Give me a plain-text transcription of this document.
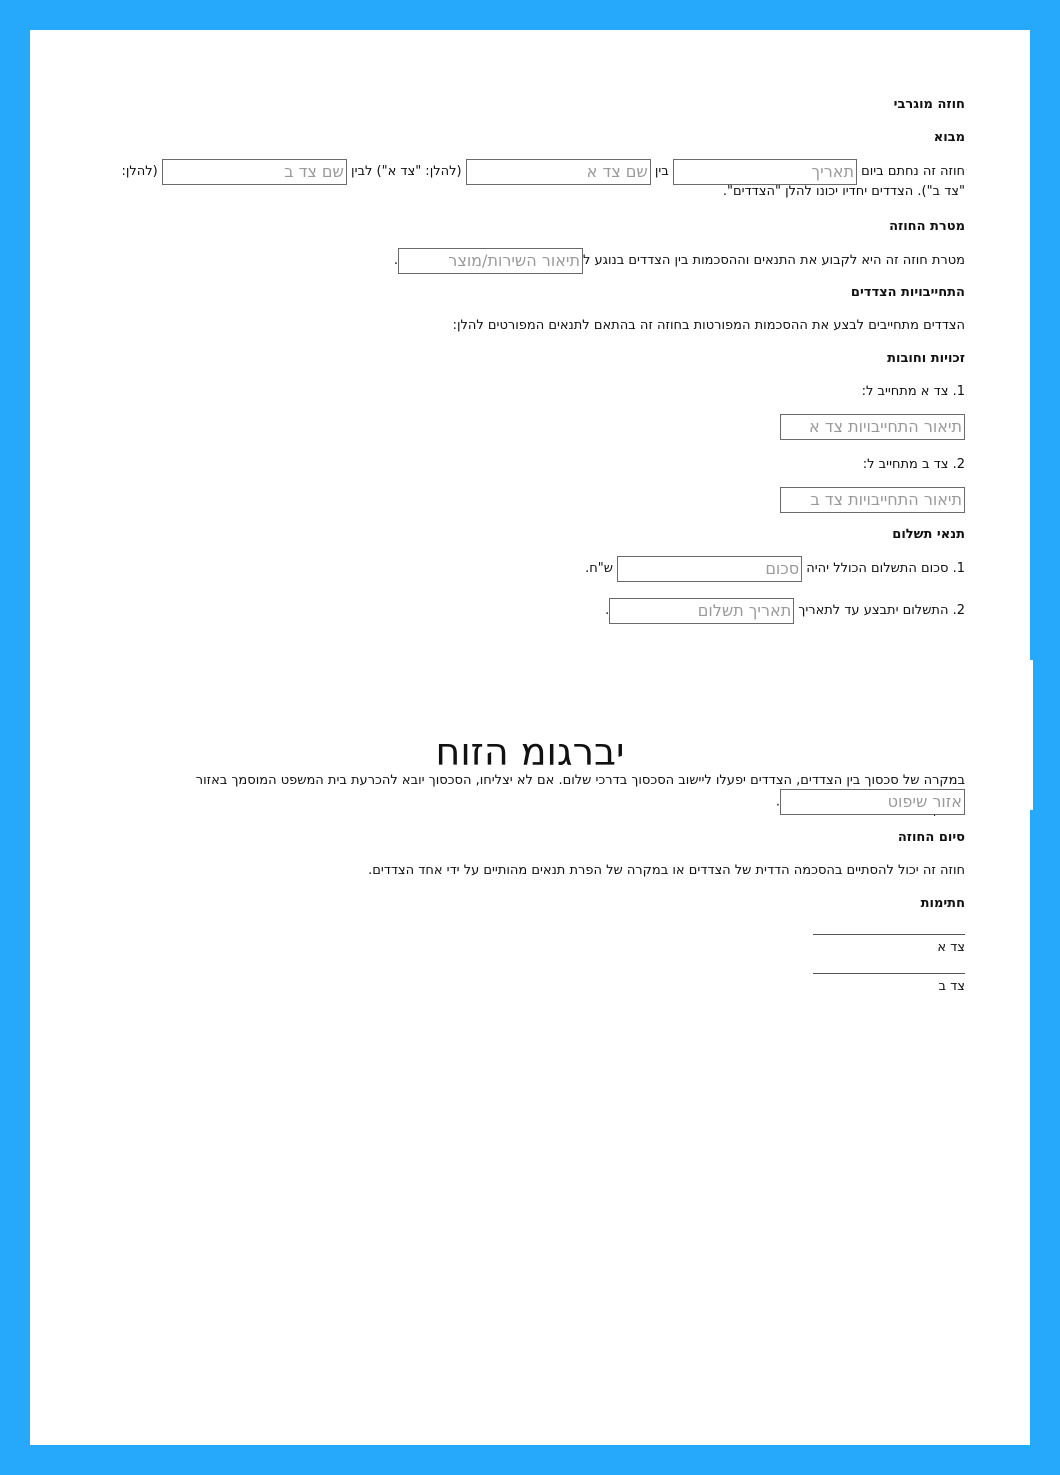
חוזה מוגרבי
מבוא
חוזה זה נחתם ביום תאריך בין שם צד א (להלן: "צד א") לבין שם צד ב (להלן:
"צד ב"). הצדדים יחדיו יכונו להלן "הצדדים".
מטרת החוזה
מטרת חוזה זה היא לקבוע את התנאים וההסכמות בין הצדדים בנוגע לתיאור השירות/מוצר.
התחייבויות הצדדים
הצדדים מתחייבים לבצע את ההסכמות המפורטות בחוזה זה בהתאם לתנאים המפורטים להלן:
זכויות וחובות
1. צד א מתחייב ל:
תיאור התחייבויות צד א
2. צד ב מתחייב ל:
תיאור התחייבויות צד ב
תנאי תשלום
1. סכום התשלום הכולל יהיה סכום ש"ח.
2. התשלום יתבצע עד לתאריך תאריך תשלום.
במקרה של סכסוך בין הצדדים, הצדדים יפעלו ליישוב הסכסוך בדרכי שלום. אם לא יצליחו, הסכסוך יובא להכרעת בית המשפט המוסמך באזור
אזור שיפוט.
סיום החוזה
חוזה זה יכול להסתיים בהסכמה הדדית של הצדדים או במקרה של הפרת תנאים מהותיים על ידי אחד הצדדים.
חתימות
צד א
צד ב
יברגומ הזוח
.
